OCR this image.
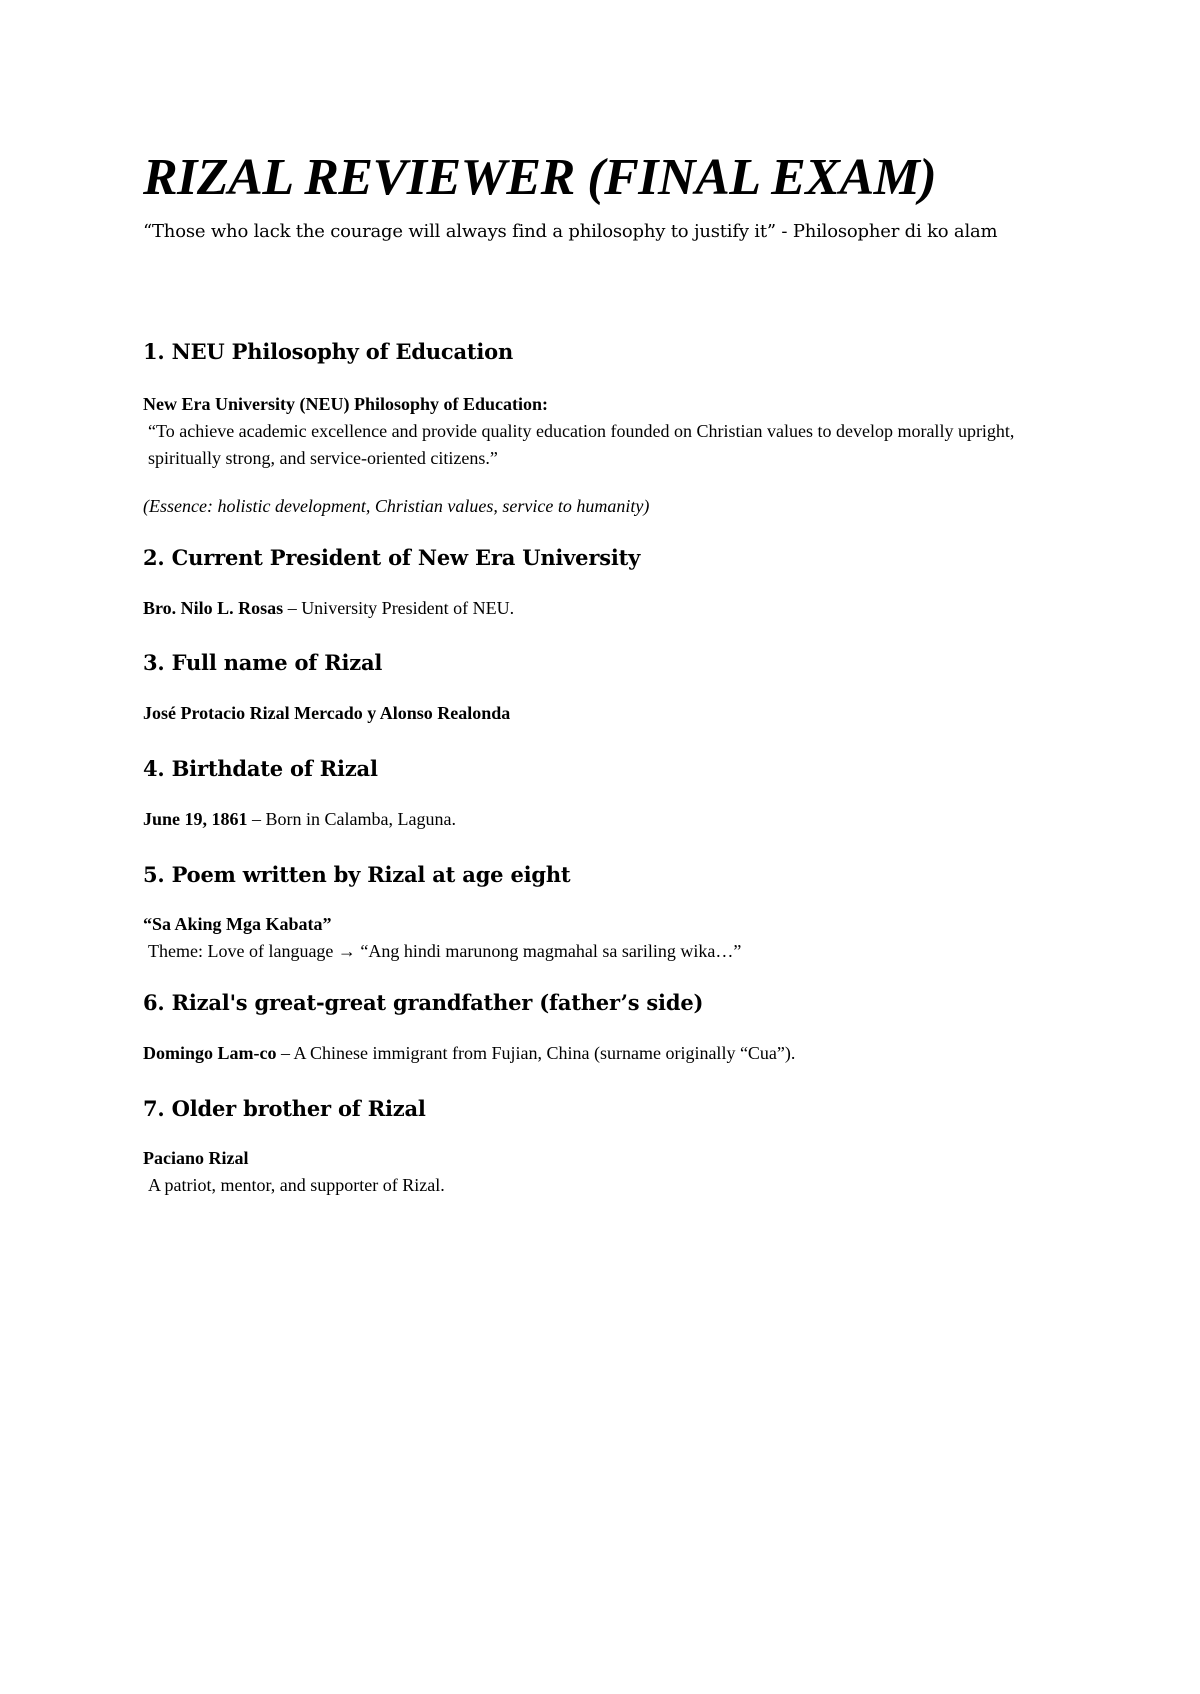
RIZAL REVIEWER (FINAL EXAM)

“Those who lack the courage will always find a philosophy to justify it” - Philosopher di ko alam

1. NEU Philosophy of Education

New Era University (NEU) Philosophy of Education:

“To achieve academic excellence and provide quality education founded on Christian values to develop morally upright, spiritually strong, and service-oriented citizens.”

(Essence: holistic development, Christian values, service to humanity)

2. Current President of New Era University

Bro. Nilo L. Rosas – University President of NEU.

3. Full name of Rizal

José Protacio Rizal Mercado y Alonso Realonda

4. Birthdate of Rizal

June 19, 1861 – Born in Calamba, Laguna.

5. Poem written by Rizal at age eight

“Sa Aking Mga Kabata”

Theme: Love of language → “Ang hindi marunong magmahal sa sariling wika…”

6. Rizal's great-great grandfather (father’s side)

Domingo Lam-co – A Chinese immigrant from Fujian, China (surname originally “Cua”).

7. Older brother of Rizal

Paciano Rizal

A patriot, mentor, and supporter of Rizal.
